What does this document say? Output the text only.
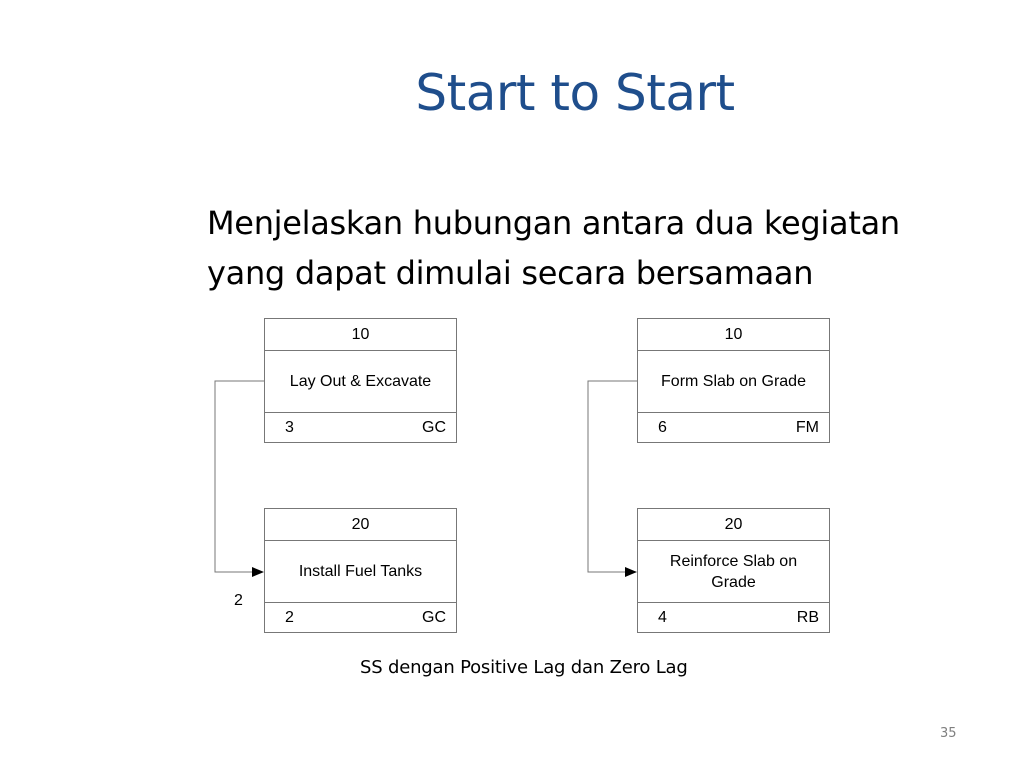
Start to Start
Menjelaskan hubungan antara dua kegiatan
yang dapat dimulai secara bersamaan
10
Lay Out & Excavate
3	GC
20
Install Fuel Tanks
2	GC
2
10
Form Slab on Grade
6	FM
20
Reinforce Slab on Grade
4	RB
SS dengan Positive Lag dan Zero Lag
35
